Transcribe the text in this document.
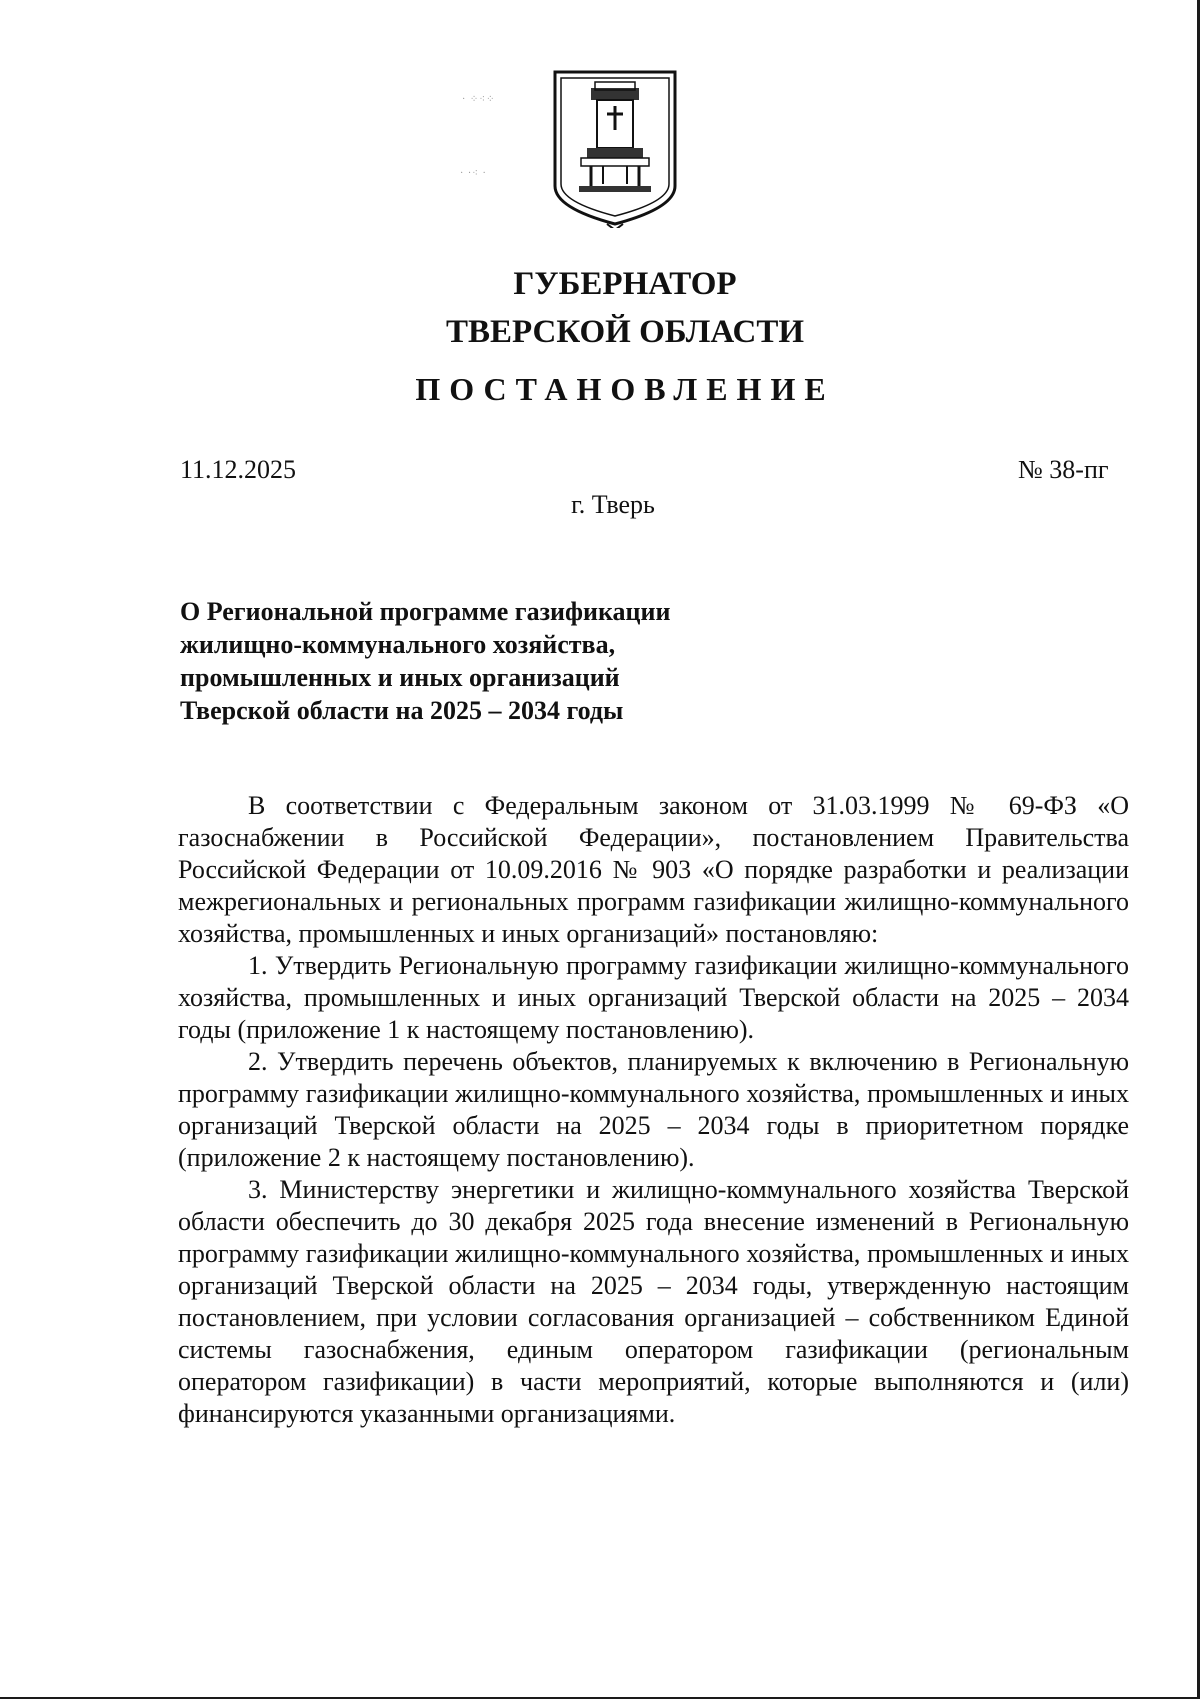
· ⁘⁖⁘
· ·⁖ ·
ГУБЕРНАТОР
ТВЕРСКОЙ ОБЛАСТИ
ПОСТАНОВЛЕНИЕ
11.12.2025	№ 38-пг
г. Тверь
О Региональной программе газификации
жилищно-коммунального хозяйства,
промышленных и иных организаций
Тверской области на 2025 – 2034 годы

В соответствии с Федеральным законом от 31.03.1999 № 69-ФЗ «О газоснабжении в Российской Федерации», постановлением Правительства Российской Федерации от 10.09.2016 № 903 «О порядке разработки и реализации межрегиональных и региональных программ газификации жилищно-коммунального хозяйства, промышленных и иных организаций» постановляю:

1. Утвердить Региональную программу газификации жилищно-коммунального хозяйства, промышленных и иных организаций Тверской области на 2025 – 2034 годы (приложение 1 к настоящему постановлению).

2. Утвердить перечень объектов, планируемых к включению в Региональную программу газификации жилищно-коммунального хозяйства, промышленных и иных организаций Тверской области на 2025 – 2034 годы в приоритетном порядке (приложение 2 к настоящему постановлению).

3. Министерству энергетики и жилищно-коммунального хозяйства Тверской области обеспечить до 30 декабря 2025 года внесение изменений в Региональную программу газификации жилищно-коммунального хозяйства, промышленных и иных организаций Тверской области на 2025 – 2034 годы, утвержденную настоящим постановлением, при условии согласования организацией – собственником Единой системы газоснабжения, единым оператором газификации (региональным оператором газификации) в части мероприятий, которые выполняются и (или) финансируются указанными организациями.
